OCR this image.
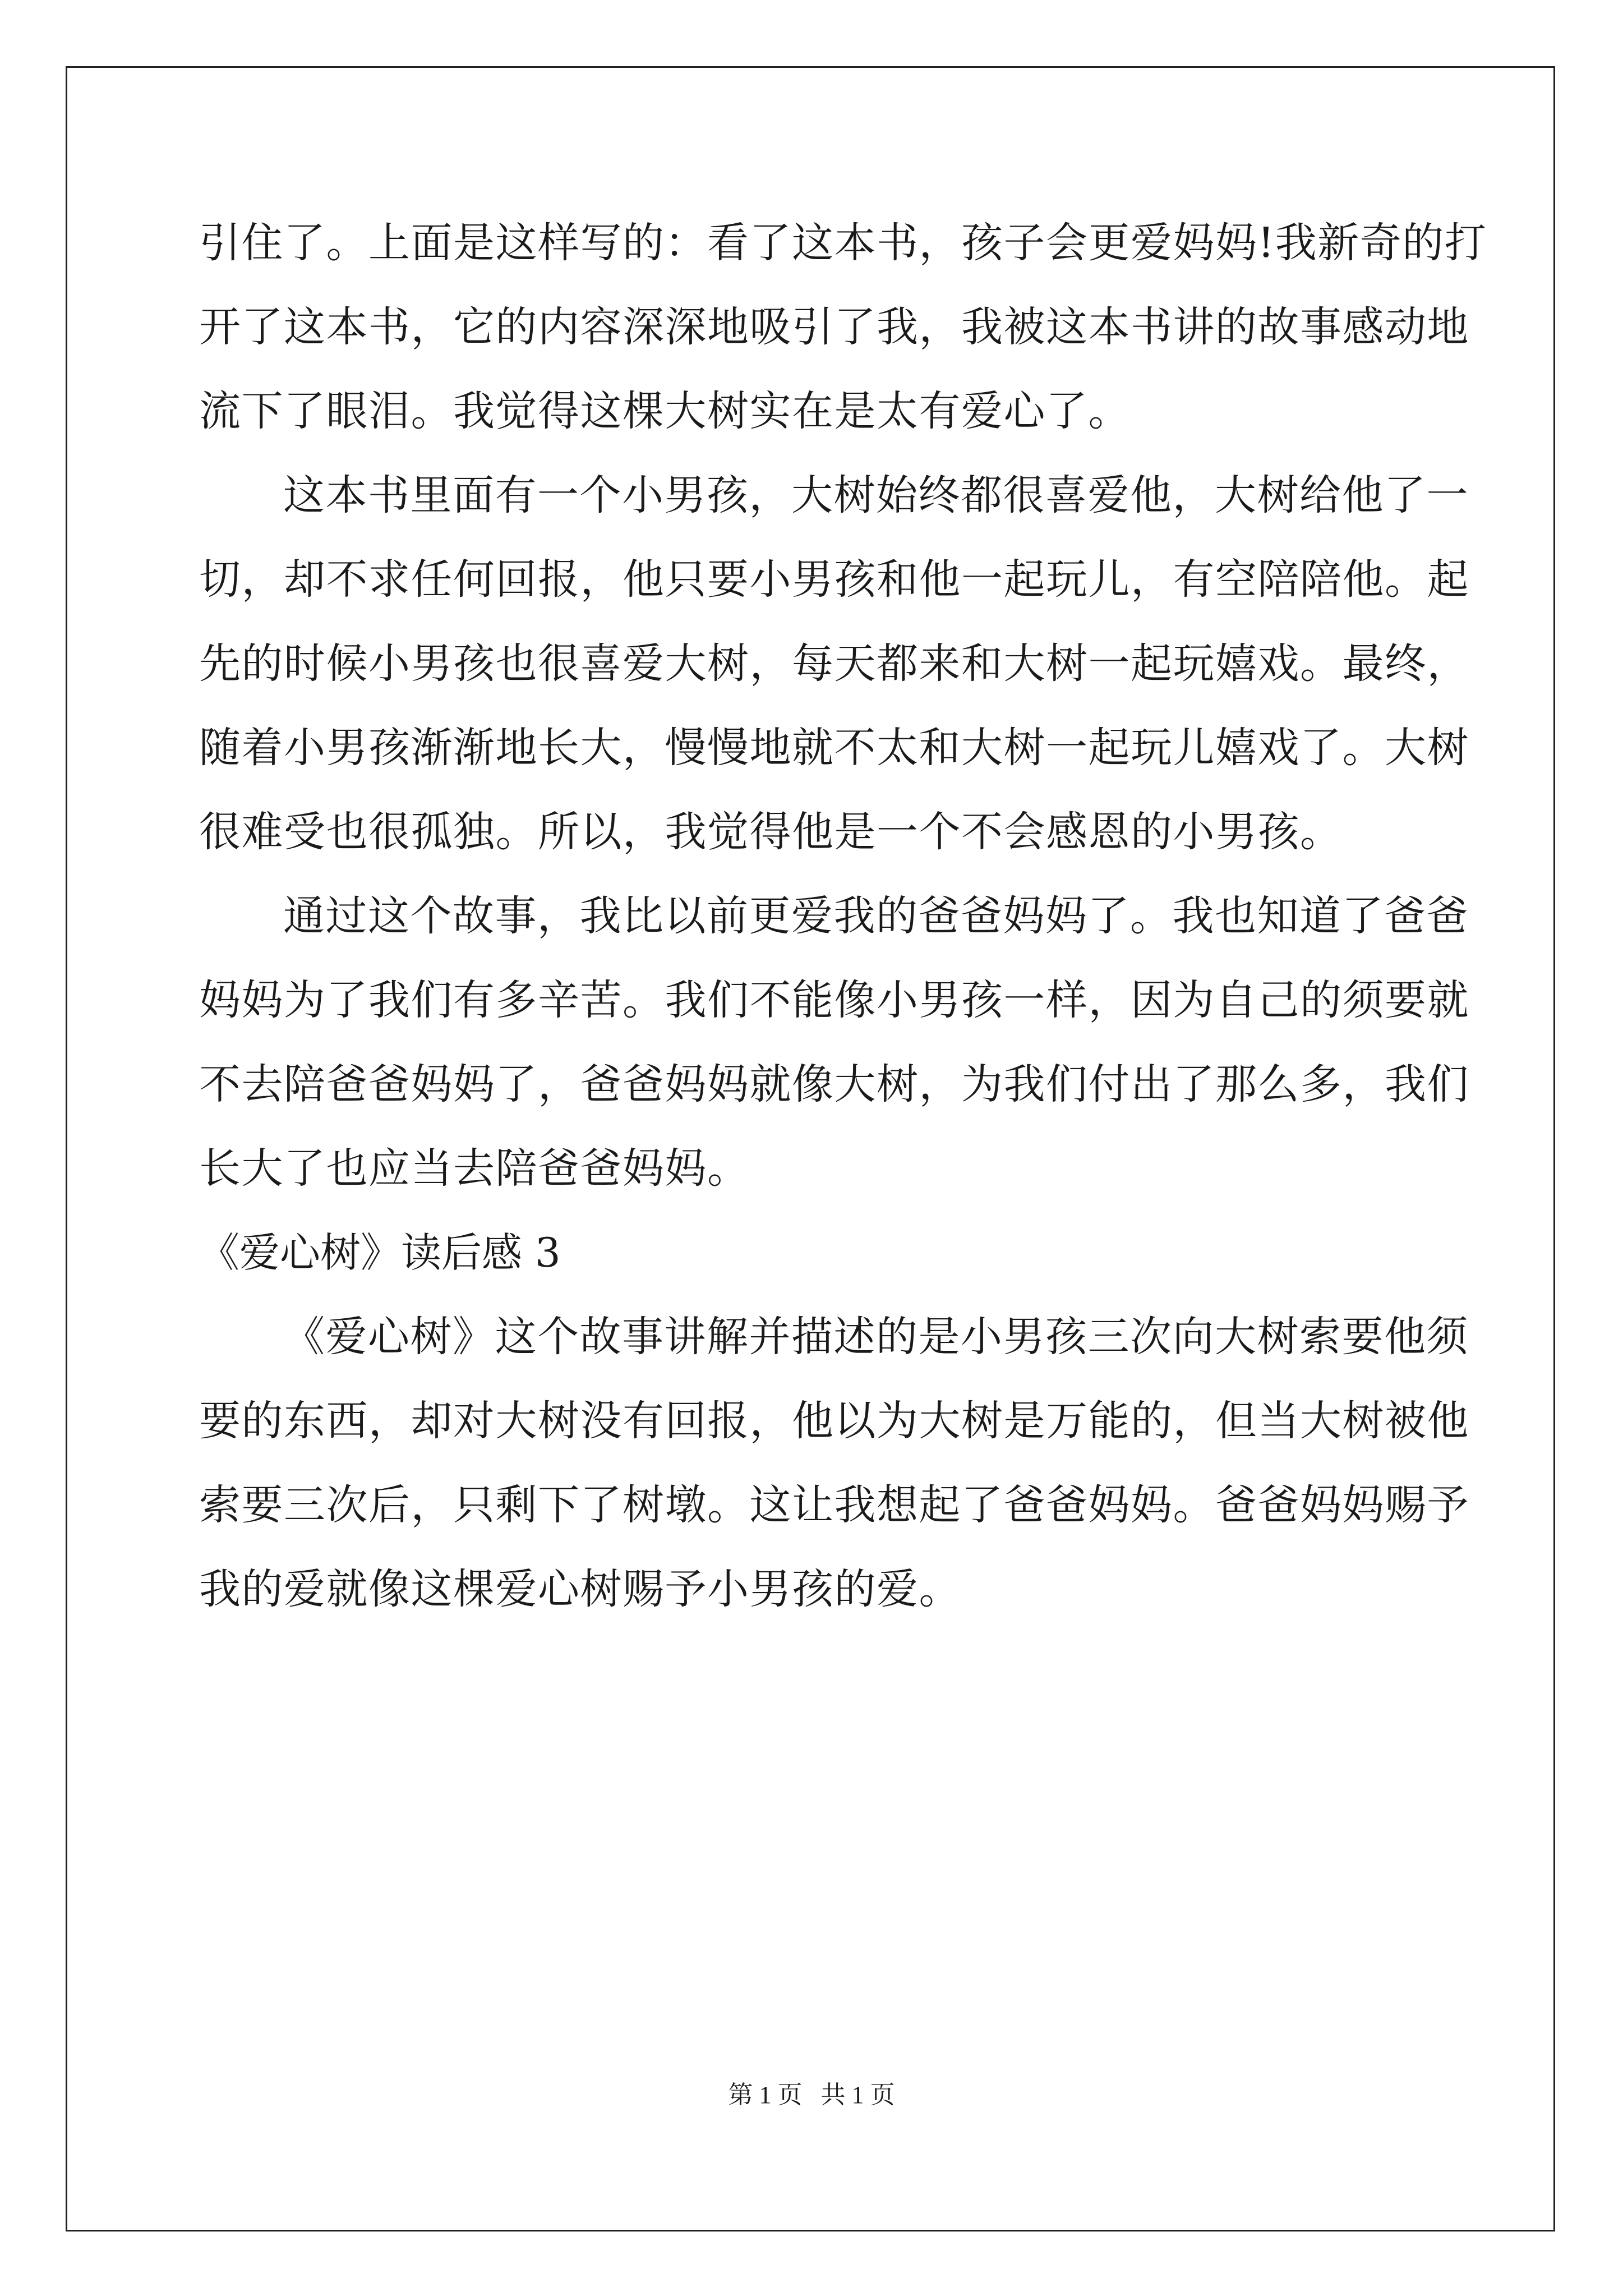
引住了。上面是这样写的：看了这本书，孩子会更爱妈妈!我新奇的打
开了这本书，它的内容深深地吸引了我，我被这本书讲的故事感动地
流下了眼泪。我觉得这棵大树实在是太有爱心了。
这本书里面有一个小男孩，大树始终都很喜爱他，大树给他了一
切，却不求任何回报，他只要小男孩和他一起玩儿，有空陪陪他。起
先的时候小男孩也很喜爱大树，每天都来和大树一起玩嬉戏。最终，
随着小男孩渐渐地长大，慢慢地就不太和大树一起玩儿嬉戏了。大树
很难受也很孤独。所以，我觉得他是一个不会感恩的小男孩。
通过这个故事，我比以前更爱我的爸爸妈妈了。我也知道了爸爸
妈妈为了我们有多辛苦。我们不能像小男孩一样，因为自己的须要就
不去陪爸爸妈妈了，爸爸妈妈就像大树，为我们付出了那么多，我们
长大了也应当去陪爸爸妈妈。
《爱心树》读后感 3
《爱心树》这个故事讲解并描述的是小男孩三次向大树索要他须
要的东西，却对大树没有回报，他以为大树是万能的，但当大树被他
索要三次后，只剩下了树墩。这让我想起了爸爸妈妈。爸爸妈妈赐予
我的爱就像这棵爱心树赐予小男孩的爱。
第 1 页   共 1 页
